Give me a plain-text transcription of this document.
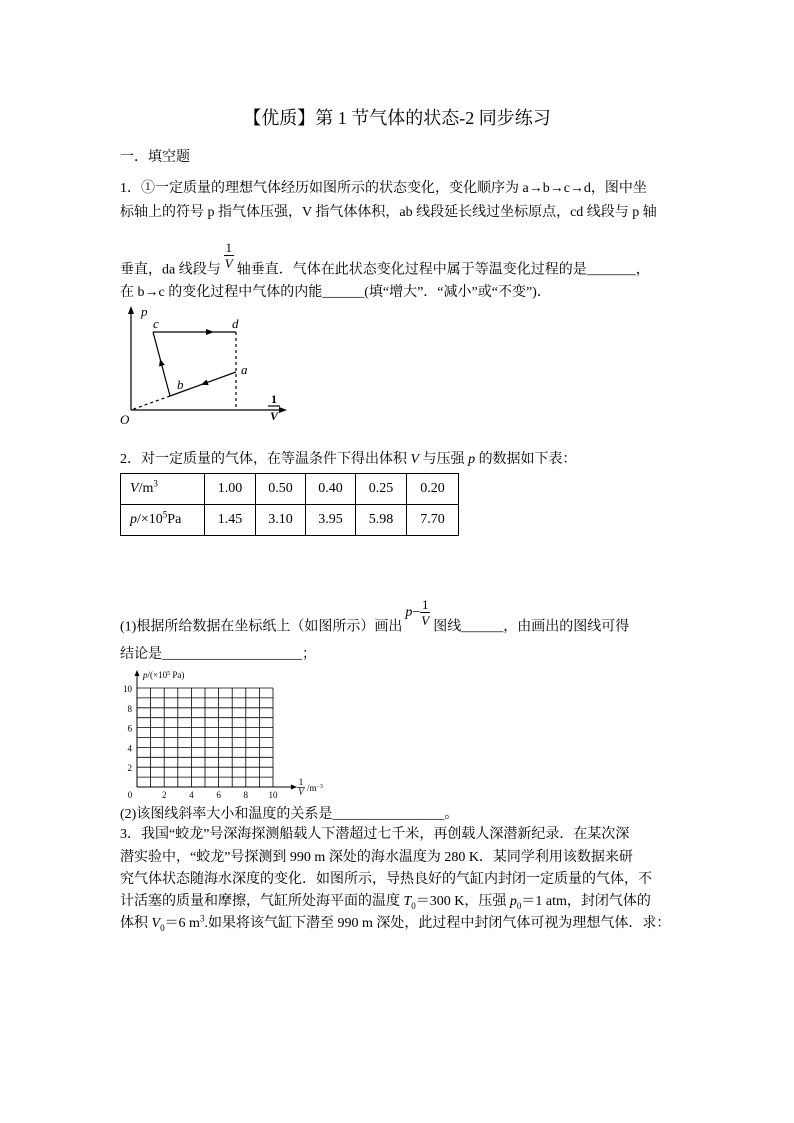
【优质】第 1 节气体的状态-2 同步练习
一．填空题
1．①一定质量的理想气体经历如图所示的状态变化，变化顺序为 a→b→c→d，图中坐
标轴上的符号 p 指气体压强，V 指气体体积，ab 线段延长线过坐标原点，cd 线段与 p 轴
垂直，da 线段与
$\frac{1}{V}$
轴垂直．气体在此状态变化过程中属于等温变化过程的是_______，
在 b→c 的变化过程中气体的内能______(填“增大”．“减小”或“不变”)．
p
c	d
a
b
O
1
V
2．对一定质量的气体，在等温条件下得出体积 V 与压强 p 的数据如下表：
$V/m^3$	1.00	0.50	0.40	0.25	0.20
$p/\times 10^5Pa$	1.45	3.10	3.95	5.98	7.70
(1)根据所给数据在坐标纸上（如图所示）画出
$p - \frac{1}{V}$
图线______，由画出的图线可得
结论是____________________；
$p/(\times 10^5$ Pa)
10
8
6
4
2
0	2	4	6	8 10
1
V $/m^{-3}$
(2)该图线斜率大小和温度的关系是________________。
3．我国“蛟龙”号深海探测船载人下潜超过七千米，再创载人深潜新纪录．在某次深
潜实验中，“蛟龙”号探测到 990 m 深处的海水温度为 280 K．某同学利用该数据来研
究气体状态随海水深度的变化．如图所示，导热良好的气缸内封闭一定质量的气体，不
计活塞的质量和摩擦，气缸所处海平面的温度 $T_0=300$ K，压强 $p_0=1$ atm，封闭气体的
体积 $V_0=6$ $m^3$.如果将该气缸下潜至 990 m 深处，此过程中封闭气体可视为理想气体．求：
